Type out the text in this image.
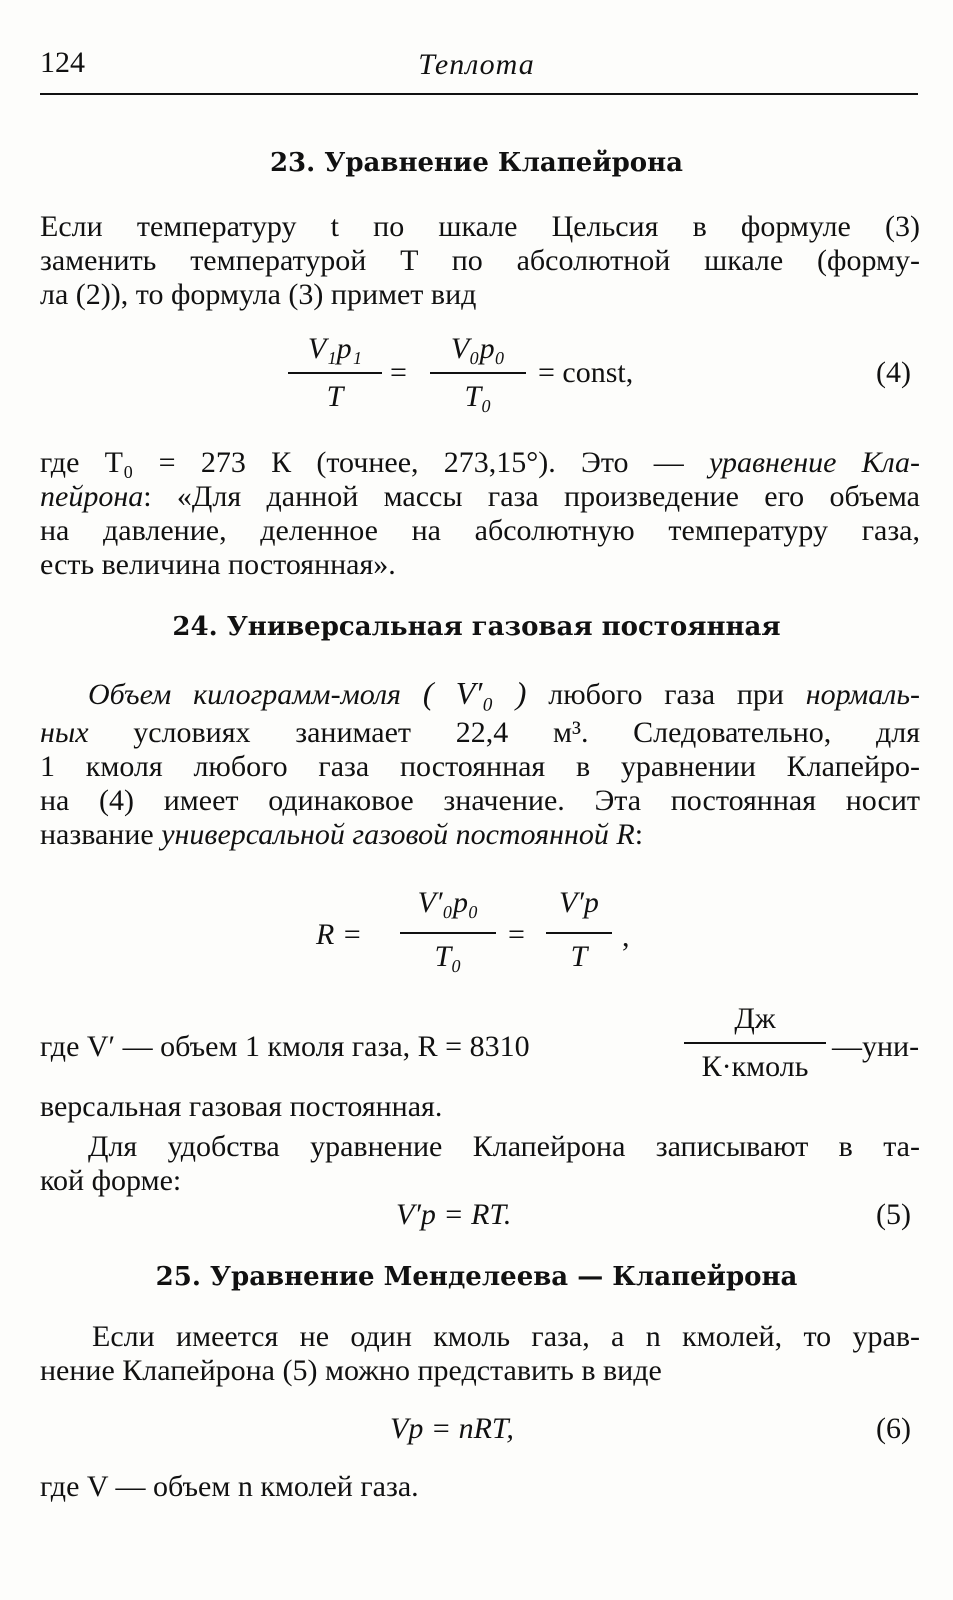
124	Теплота
23. Уравнение Клапейрона
Если температуру t по шкале Цельсия в формуле (3)
заменить температурой T по абсолютной шкале (форму-
ла (2)), то формула (3) примет вид
V₁p₁
T
=
V₀p₀
T₀
= const,	(4)
где T₀ = 273 К (точнее, 273,15°). Это — уравнение Кла-
пейрона: «Для данной массы газа произведение его объема
на давление, деленное на абсолютную температуру газа,
есть величина постоянная».
24. Универсальная газовая постоянная
Объем килограмм-моля ( V′₀ ) любого газа при нормаль-
ных условиях занимает 22,4 м³. Следовательно, для
1 кмоля любого газа постоянная в уравнении Клапейро-
на (4) имеет одинаковое значение. Эта постоянная носит
название универсальной газовой постоянной R:
R =
V′₀p₀
T₀
=
V′p
T
,
где V′ — объем 1 кмоля газа, R = 8310
Дж
К·кмоль
—уни-
версальная газовая постоянная.
Для удобства уравнение Клапейрона записывают в та-
кой форме:
V′p = RT.	(5)
25. Уравнение Менделеева — Клапейрона
Если имеется не один кмоль газа, а n кмолей, то урав-
нение Клапейрона (5) можно представить в виде
Vp = nRT,	(6)
где V — объем n кмолей газа.
